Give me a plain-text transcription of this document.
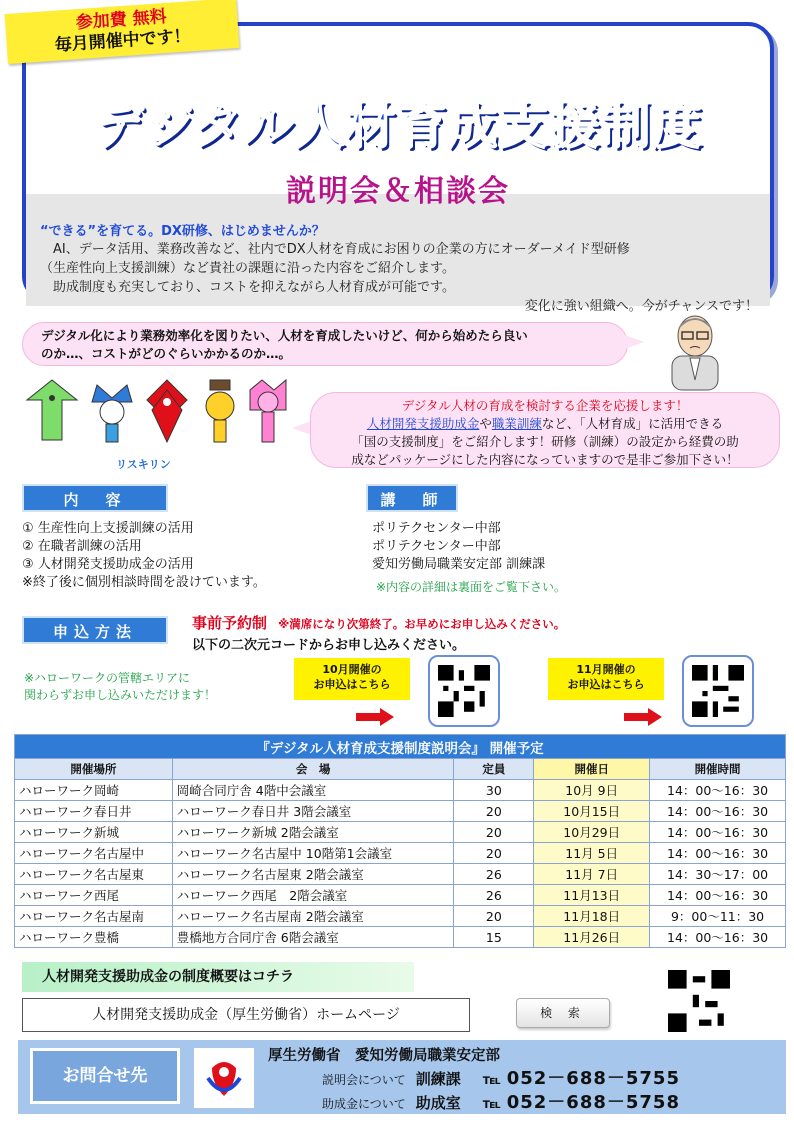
デジタル人材育成支援制度
説明会＆相談会
“できる”を育てる。DX研修、はじめませんか？

　AI、データ活用、業務改善など、社内でDX人材を育成にお困りの企業の方にオーダーメイド型研修

（生産性向上支援訓練）など貴社の課題に沿った内容をご紹介します。

　助成制度も充実しており、コストを抑えながら人材育成が可能です。

変化に強い組織へ。今がチャンスです！

参加費 無料
毎月開催中です！
デジタル化により業務効率化を図りたい、人材を育成したいけど、何から始めたら良い
のか…、コストがどのぐらいかかるのか…。
リスキリン
デジタル人材の育成を検討する企業を応援します！
人材開発支援助成金や職業訓練など、「人材育成」に活用できる
「国の支援制度」をご紹介します！研修（訓練）の設定から経費の助
成などパッケージにした内容になっていますので是非ご参加下さい！
内　容
① 生産性向上支援訓練の活用
② 在職者訓練の活用
③ 人材開発支援助成金の活用
※終了後に個別相談時間を設けています。
講　師
ポリテクセンター中部
ポリテクセンター中部
愛知労働局職業安定部 訓練課
※内容の詳細は裏面をご覧下さい。
申込方法	事前予約制 ※満席になり次第終了。お早めにお申し込みください。
以下の二次元コードからお申し込みください。
※ハローワークの管轄エリアに
関わらずお申し込みいただけます！
10月開催の
お申込はこちら
11月開催の
お申込はこちら
『デジタル人材育成支援制度説明会』 開催予定				
開催場所	会　場	定員	開催日	開催時間
ハローワーク岡崎	岡崎合同庁舎 4階中会議室	30	10月 9日	14：00～16：30
ハローワーク春日井	ハローワーク春日井 3階会議室	20	10月15日	14：00～16：30
ハローワーク新城	ハローワーク新城 2階会議室	20	10月29日	14：00～16：30
ハローワーク名古屋中	ハローワーク名古屋中 10階第1会議室	20	11月 5日	14：00～16：30
ハローワーク名古屋東	ハローワーク名古屋東 2階会議室	26	11月 7日	14：30～17：00
ハローワーク西尾	ハローワーク西尾　2階会議室	26	11月13日	14：00～16：30
ハローワーク名古屋南	ハローワーク名古屋南 2階会議室	20	11月18日	9：00～11：30
ハローワーク豊橋	豊橋地方合同庁舎 6階会議室	15	11月26日	14：00～16：30
人材開発支援助成金の制度概要はコチラ
人材開発支援助成金（厚生労働省）ホームページ	検 索
お問合せ先
厚生労働省　愛知労働局職業安定部
説明会について 訓練課 ℡ 052－688－5755
助成金について 助成室 ℡ 052－688－5758
